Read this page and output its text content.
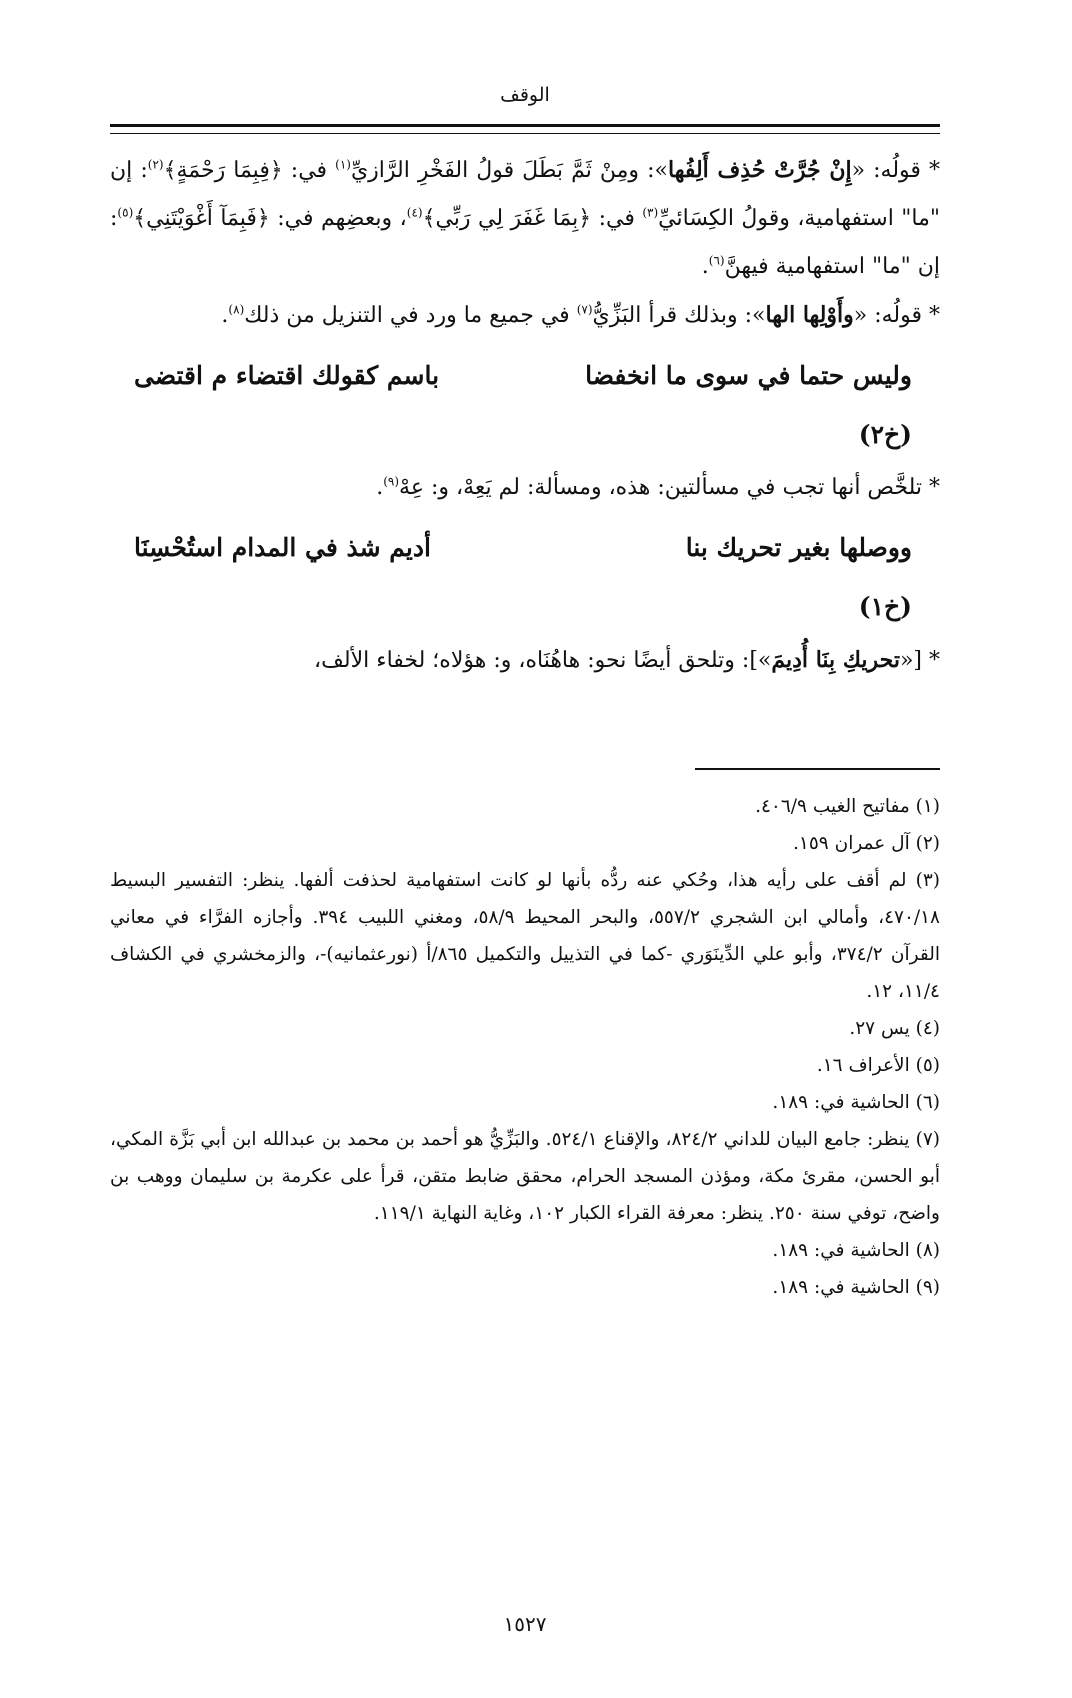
الوقف

* قولُه: «إِنْ جُرَّتْ حُذِف أَلِفُها»: ومِنْ ثَمَّ بَطَلَ قولُ الفَخْرِ الرَّازيِّ$^{(١)}$ في: ﴿فِبِمَا رَحْمَةٍ﴾$^{(٢)}$: إن "ما" استفهامية، وقولُ الكِسَائيِّ$^{(٣)}$ في: ﴿بِمَا غَفَرَ لِي رَبِّي﴾$^{(٤)}$، وبعضِهم في: ﴿فَبِمَآ أَغْوَيْتَنِي﴾$^{(٥)}$: إن "ما" استفهامية فيهنَّ$^{(٦)}$.

* قولُه: «وأَوْلِها الها»: وبذلك قرأ البَزِّيُّ$^{(٧)}$ في جميع ما ورد في التنزيل من ذلك$^{(٨)}$.

وليس حتما في سوى ما انخفضا
باسم كقولك اقتضاء م اقتضى
(خ٢)

* تلخَّص أنها تجب في مسألتين: هذه، ومسألة: لم يَعِهْ، و: عِهْ$^{(٩)}$.

ووصلها بغير تحريك بنا
أديم شذ في المدام استُحْسِنَا
(خ١)

* [«تحريكِ بِنَا أُدِيمَ»]: وتلحق أيضًا نحو: هاهُنَاه، و: هؤلاه؛ لخفاء الألف،

(١) مفاتيح الغيب ٤٠٦/٩.

(٢) آل عمران ١٥٩.

(٣) لم أقف على رأيه هذا، وحُكي عنه ردُّه بأنها لو كانت استفهامية لحذفت ألفها. ينظر: التفسير البسيط ٤٧٠/١٨، وأمالي ابن الشجري ٥٥٧/٢، والبحر المحيط ٥٨/٩، ومغني اللبيب ٣٩٤. وأجازه الفرَّاء في معاني القرآن ٣٧٤/٢، وأبو علي الدِّينَوَري -كما في التذييل والتكميل ٨٦٥/أ (نورعثمانيه)-، والزمخشري في الكشاف ١١/٤، ١٢.

(٤) يس ٢٧.

(٥) الأعراف ١٦.

(٦) الحاشية في: ١٨٩.

(٧) ينظر: جامع البيان للداني ٨٢٤/٢، والإقناع ٥٢٤/١. والبَزِّيُّ هو أحمد بن محمد بن عبدالله ابن أبي بَزَّة المكي، أبو الحسن، مقرئ مكة، ومؤذن المسجد الحرام، محقق ضابط متقن، قرأ على عكرمة بن سليمان ووهب بن واضح، توفي سنة ٢٥٠. ينظر: معرفة القراء الكبار ١٠٢، وغاية النهاية ١١٩/١.

(٨) الحاشية في: ١٨٩.

(٩) الحاشية في: ١٨٩.

١٥٢٧
